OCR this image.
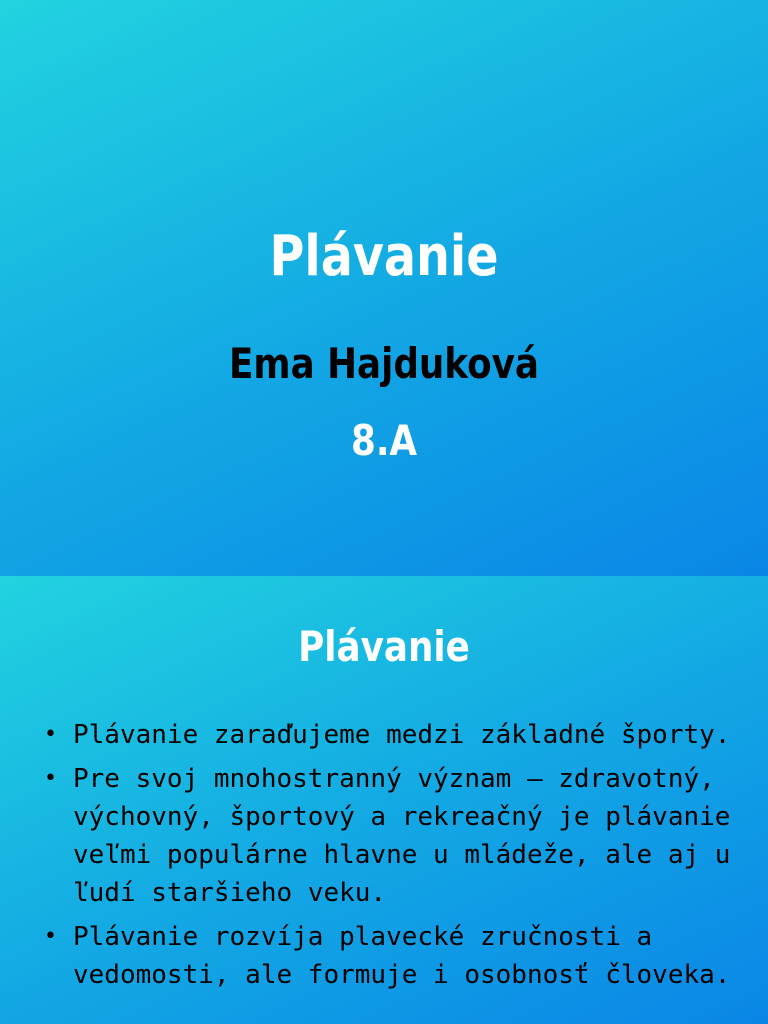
Plávanie
Ema Hajduková
8.A
Plávanie
• Plávanie zaraďujeme medzi základné športy.
• Pre svoj mnohostranný význam – zdravotný, výchovný, športový a rekreačný je plávanie veľmi populárne hlavne u mládeže, ale aj u ľudí staršieho veku.
• Plávanie rozvíja plavecké zručnosti a vedomosti, ale formuje i osobnosť človeka.
